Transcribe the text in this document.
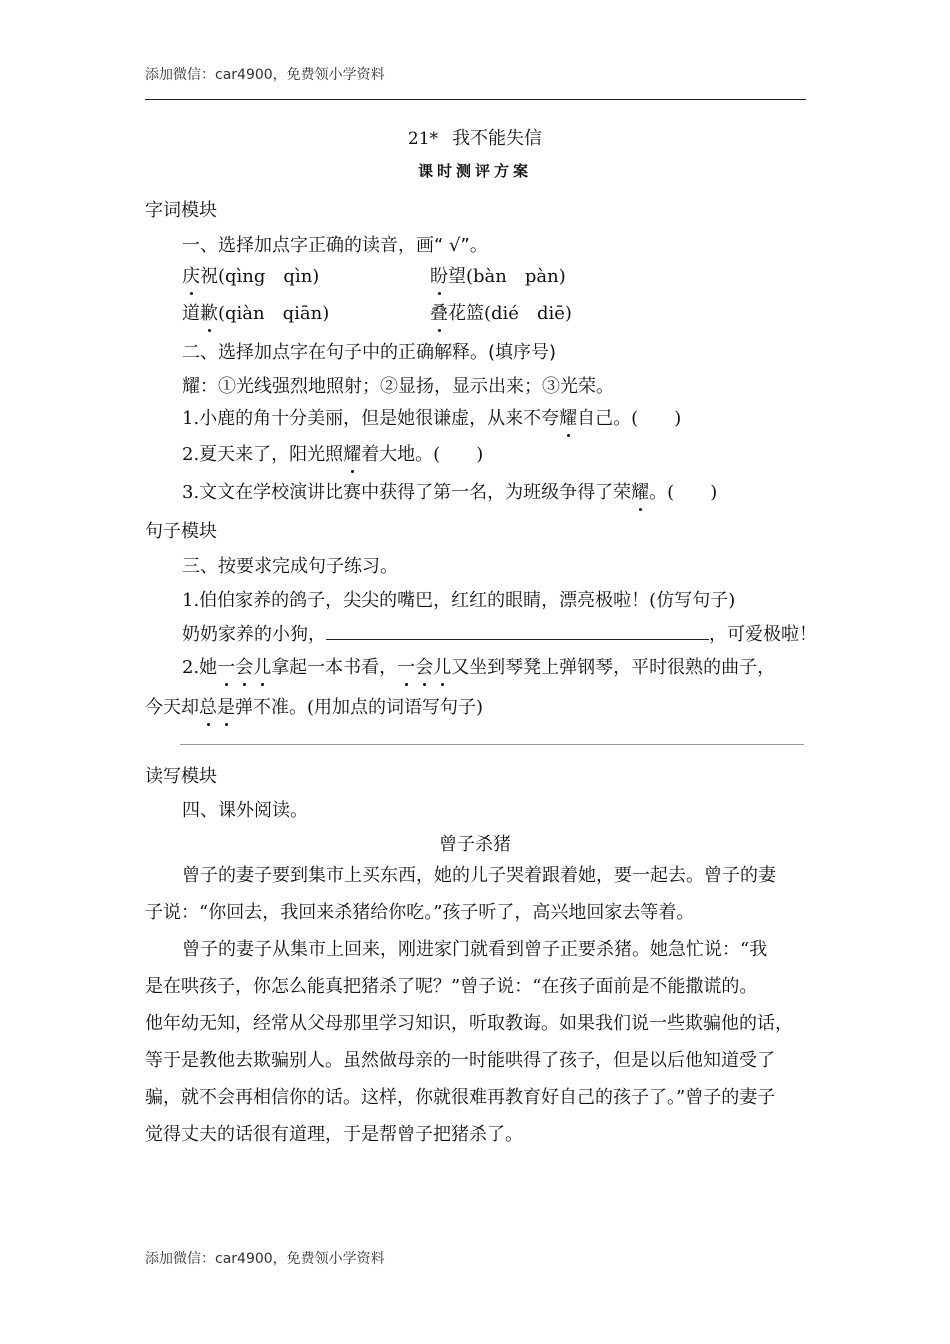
添加微信：car4900，免费领小学资料
21* 我不能失信
课时测评方案
字词模块
一、选择加点字正确的读音，画“ √”。
庆祝(qìng　qìn)	盼望(bàn　pàn)
道歉(qiàn　qiān)	叠花篮(dié　diē)
二、选择加点字在句子中的正确解释。(填序号)
耀：①光线强烈地照射；②显扬，显示出来；③光荣。
1.小鹿的角十分美丽，但是她很谦虚，从来不夸耀自己。(　　)
2.夏天来了，阳光照耀着大地。(　　)
3.文文在学校演讲比赛中获得了第一名，为班级争得了荣耀。(　　)
句子模块
三、按要求完成句子练习。
1.伯伯家养的鸽子，尖尖的嘴巴，红红的眼睛，漂亮极啦！(仿写句子)
奶奶家养的小狗，	，可爱极啦！
2.她一会儿拿起一本书看，一会儿又坐到琴凳上弹钢琴，平时很熟的曲子，
今天却总是弹不准。(用加点的词语写句子)
读写模块
四、课外阅读。
曾子杀猪
曾子的妻子要到集市上买东西，她的儿子哭着跟着她，要一起去。曾子的妻
子说：“你回去，我回来杀猪给你吃。”孩子听了，高兴地回家去等着。
曾子的妻子从集市上回来，刚进家门就看到曾子正要杀猪。她急忙说：“我
是在哄孩子，你怎么能真把猪杀了呢？”曾子说：“在孩子面前是不能撒谎的。
他年幼无知，经常从父母那里学习知识，听取教诲。如果我们说一些欺骗他的话，
等于是教他去欺骗别人。虽然做母亲的一时能哄得了孩子，但是以后他知道受了
骗，就不会再相信你的话。这样，你就很难再教育好自己的孩子了。”曾子的妻子
觉得丈夫的话很有道理，于是帮曾子把猪杀了。
添加微信：car4900，免费领小学资料
